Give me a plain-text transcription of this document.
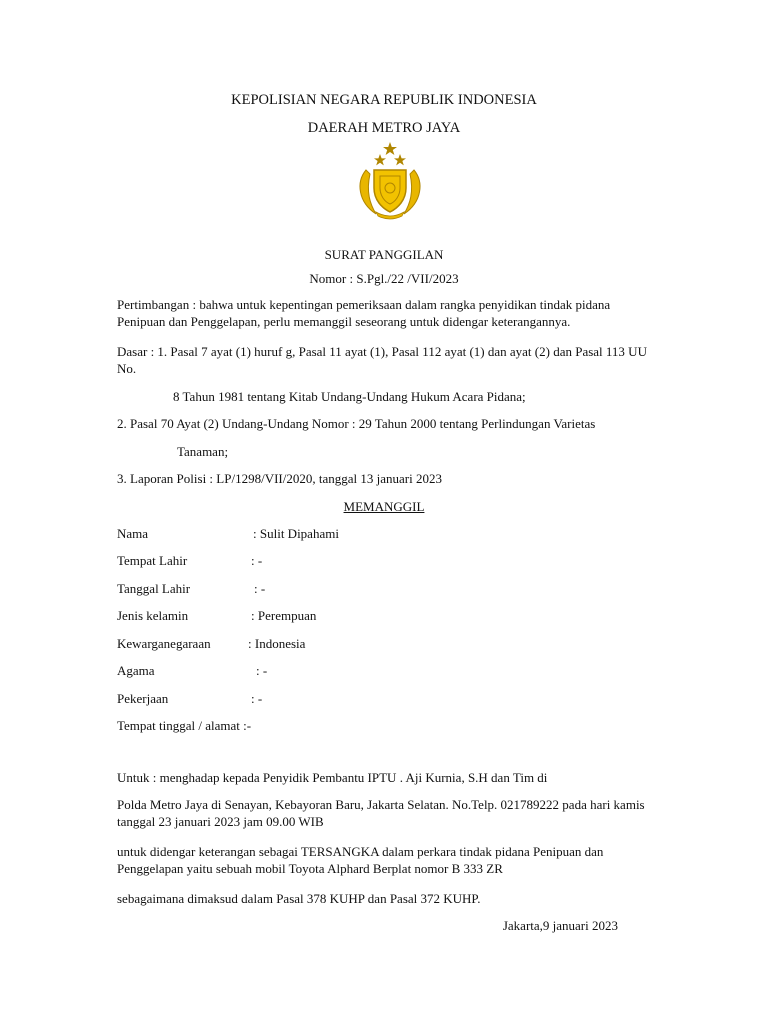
KEPOLISIAN NEGARA REPUBLIK INDONESIA
DAERAH METRO JAYA
SURAT PANGGILAN
Nomor : S.Pgl./22 /VII/2023
Pertimbangan : bahwa untuk kepentingan pemeriksaan dalam rangka penyidikan tindak pidana Penipuan dan Penggelapan, perlu memanggil seseorang untuk didengar keterangannya.
Dasar : 1. Pasal 7 ayat (1) huruf g, Pasal 11 ayat (1), Pasal 112 ayat (1) dan ayat (2) dan Pasal 113 UU No.
8 Tahun 1981 tentang Kitab Undang-Undang Hukum Acara Pidana;
2. Pasal 70 Ayat (2) Undang-Undang Nomor : 29 Tahun 2000 tentang Perlindungan Varietas
Tanaman;
3. Laporan Polisi : LP/1298/VII/2020, tanggal 13 januari 2023
MEMANGGIL
Nama	: Sulit Dipahami
Tempat Lahir	: -
Tanggal Lahir	: -
Jenis kelamin	: Perempuan
Kewarganegaraan	: Indonesia
Agama	: -
Pekerjaan	: -
Tempat tinggal / alamat :-
Untuk : menghadap kepada Penyidik Pembantu IPTU . Aji Kurnia, S.H dan Tim di
Polda Metro Jaya di Senayan, Kebayoran Baru, Jakarta Selatan. No.Telp. 021789222 pada hari kamis tanggal 23 januari 2023 jam 09.00 WIB
untuk didengar keterangan sebagai TERSANGKA dalam perkara tindak pidana Penipuan dan Penggelapan yaitu sebuah mobil Toyota Alphard Berplat nomor B 333 ZR
sebagaimana dimaksud dalam Pasal 378 KUHP dan Pasal 372 KUHP.
Jakarta,9 januari 2023
